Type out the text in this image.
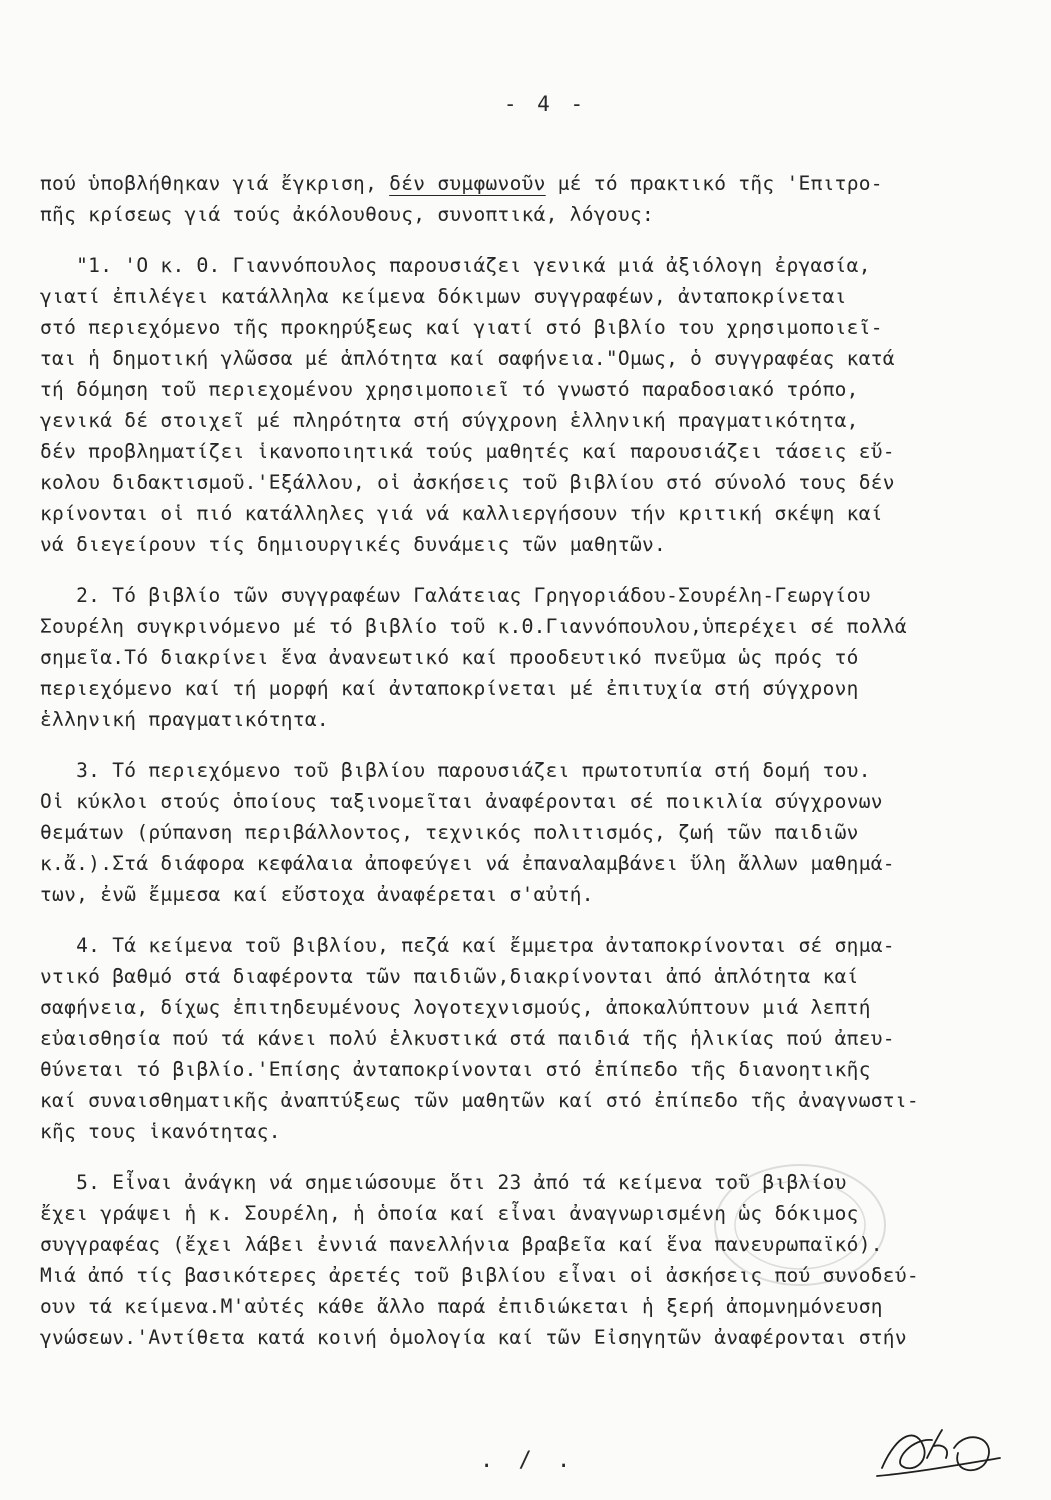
- 4 -
πού ὑποβλήθηκαν γιά ἔγκριση, δέν συμφωνοῦν μέ τό πρακτικό τῆς 'Επιτρο-
πῆς κρίσεως γιά τούς ἀκόλουθους, συνοπτικά, λόγους:
"1. 'Ο κ. Θ. Γιαννόπουλος παρουσιάζει γενικά μιά ἀξιόλογη ἐργασία,
γιατί ἐπιλέγει κατάλληλα κείμενα δόκιμων συγγραφέων, ἀνταποκρίνεται
στό περιεχόμενο τῆς προκηρύξεως καί γιατί στό βιβλίο του χρησιμοποιεῖ-
ται ἡ δημοτική γλῶσσα μέ ἁπλότητα καί σαφήνεια."Ομως, ὁ συγγραφέας κατά
τή δόμηση τοῦ περιεχομένου χρησιμοποιεῖ τό γνωστό παραδοσιακό τρόπο,
γενικά δέ στοιχεῖ μέ πληρότητα στή σύγχρονη ἑλληνική πραγματικότητα,
δέν προβληματίζει ἱκανοποιητικά τούς μαθητές καί παρουσιάζει τάσεις εὔ-
κολου διδακτισμοῦ.'Εξάλλου, οἱ ἀσκήσεις τοῦ βιβλίου στό σύνολό τους δέν
κρίνονται οἱ πιό κατάλληλες γιά νά καλλιεργήσουν τήν κριτική σκέψη καί
νά διεγείρουν τίς δημιουργικές δυνάμεις τῶν μαθητῶν.
2. Τό βιβλίο τῶν συγγραφέων Γαλάτειας Γρηγοριάδου-Σουρέλη-Γεωργίου
Σουρέλη συγκρινόμενο μέ τό βιβλίο τοῦ κ.Θ.Γιαννόπουλου,ὑπερέχει σέ πολλά
σημεῖα.Τό διακρίνει ἕνα ἀνανεωτικό καί προοδευτικό πνεῦμα ὡς πρός τό
περιεχόμενο καί τή μορφή καί ἀνταποκρίνεται μέ ἐπιτυχία στή σύγχρονη
ἑλληνική πραγματικότητα.
3. Τό περιεχόμενο τοῦ βιβλίου παρουσιάζει πρωτοτυπία στή δομή του.
Οἱ κύκλοι στούς ὁποίους ταξινομεῖται ἀναφέρονται σέ ποικιλία σύγχρονων
θεμάτων (ρύπανση περιβάλλοντος, τεχνικός πολιτισμός, ζωή τῶν παιδιῶν
κ.ἄ.).Στά διάφορα κεφάλαια ἀποφεύγει νά ἐπαναλαμβάνει ὕλη ἄλλων μαθημά-
των, ἐνῶ ἔμμεσα καί εὔστοχα ἀναφέρεται σ'αὐτή.
4. Τά κείμενα τοῦ βιβλίου, πεζά καί ἔμμετρα ἀνταποκρίνονται σέ σημα-
ντικό βαθμό στά διαφέροντα τῶν παιδιῶν,διακρίνονται ἀπό ἁπλότητα καί
σαφήνεια, δίχως ἐπιτηδευμένους λογοτεχνισμούς, ἀποκαλύπτουν μιά λεπτή
εὐαισθησία πού τά κάνει πολύ ἑλκυστικά στά παιδιά τῆς ἡλικίας πού ἀπευ-
θύνεται τό βιβλίο.'Επίσης ἀνταποκρίνονται στό ἐπίπεδο τῆς διανοητικῆς
καί συναισθηματικῆς ἀναπτύξεως τῶν μαθητῶν καί στό ἐπίπεδο τῆς ἀναγνωστι-
κῆς τους ἱκανότητας.
5. Εἶναι ἀνάγκη νά σημειώσουμε ὅτι 23 ἀπό τά κείμενα τοῦ βιβλίου
ἔχει γράψει ἡ κ. Σουρέλη, ἡ ὁποία καί εἶναι ἀναγνωρισμένη ὡς δόκιμος
συγγραφέας (ἔχει λάβει ἐννιά πανελλήνια βραβεῖα καί ἕνα πανευρωπαϊκό).
Μιά ἀπό τίς βασικότερες ἀρετές τοῦ βιβλίου εἶναι οἱ ἀσκήσεις πού συνοδεύ-
ουν τά κείμενα.Μ'αὐτές κάθε ἄλλο παρά ἐπιδιώκεται ἡ ξερή ἀπομνημόνευση
γνώσεων.'Αντίθετα κατά κοινή ὁμολογία καί τῶν Εἰσηγητῶν ἀναφέρονται στήν
. / .
